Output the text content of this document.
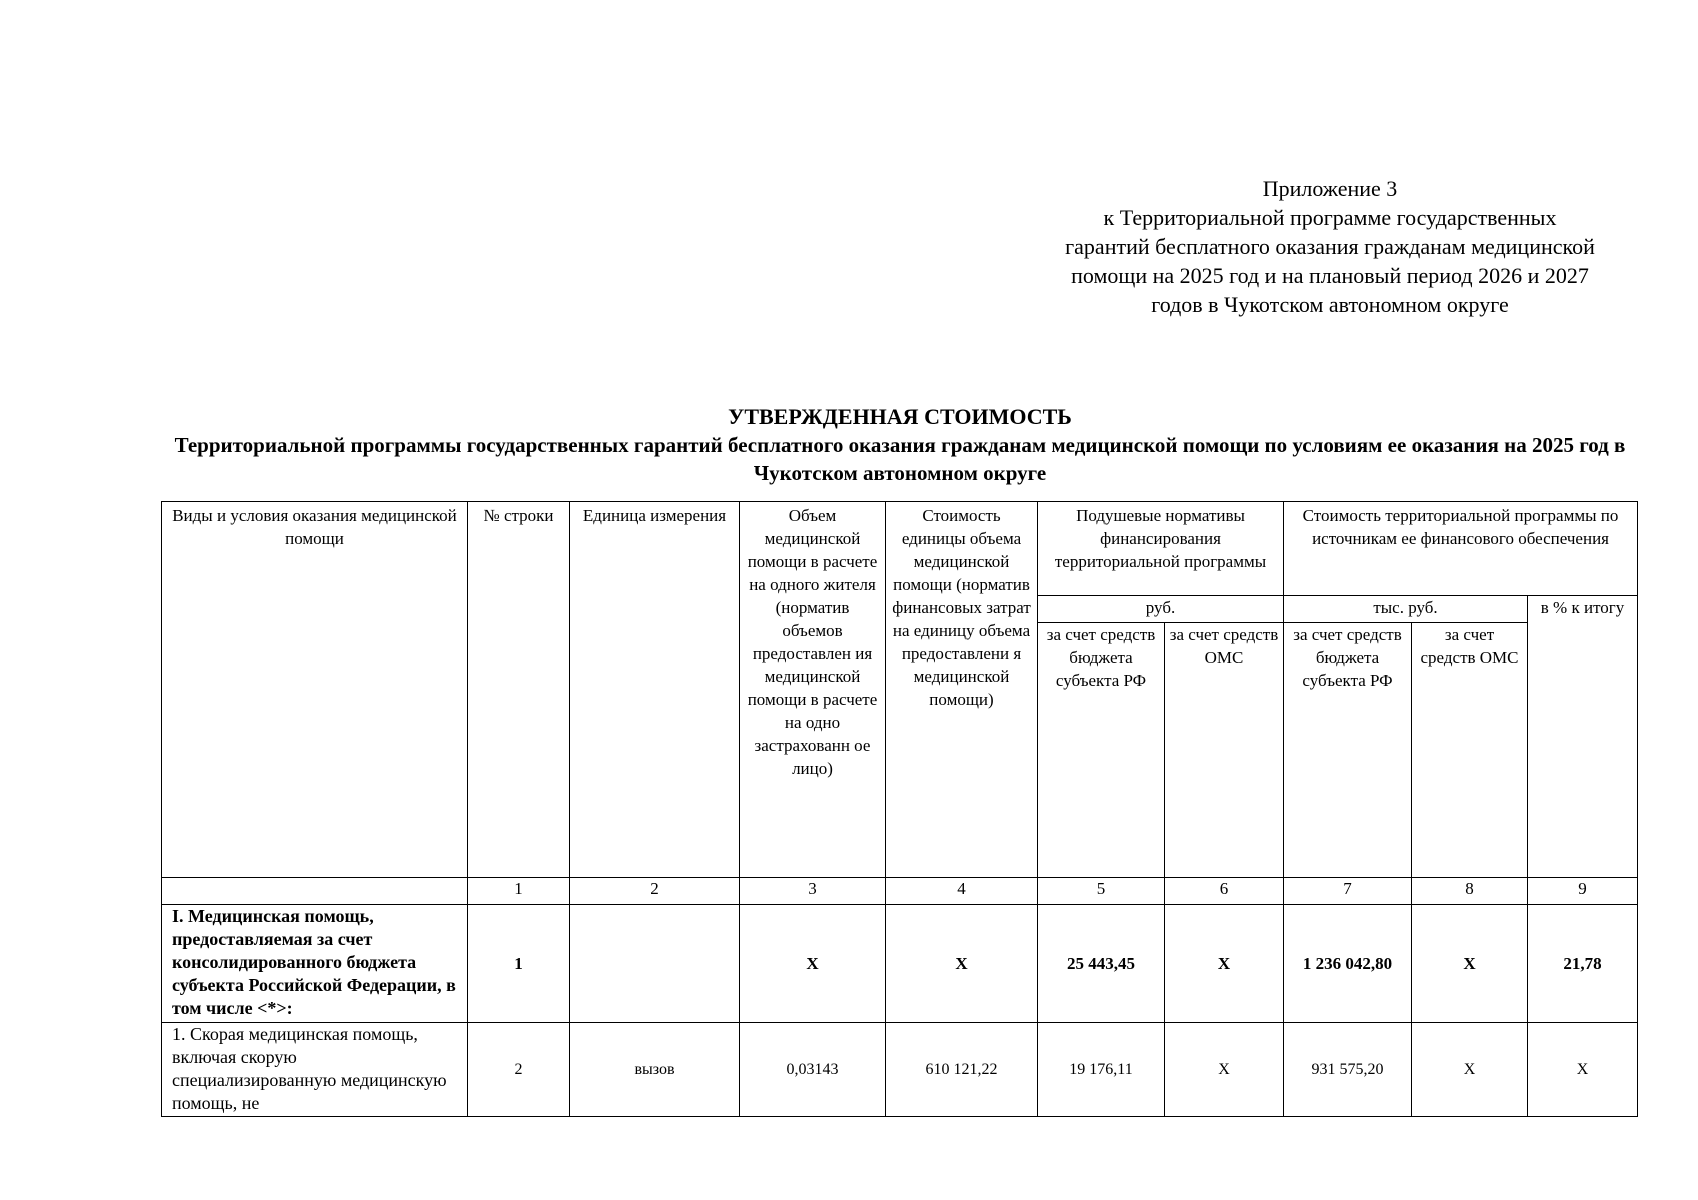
Приложение 3
к Территориальной программе государственных
гарантий бесплатного оказания гражданам медицинской
помощи на 2025 год и на плановый период 2026 и 2027
годов в Чукотском автономном округе
УТВЕРЖДЕННАЯ СТОИМОСТЬ
Территориальной программы государственных гарантий бесплатного оказания гражданам медицинской помощи по условиям ее оказания на 2025 год в Чукотском автономном округе
Виды и условия оказания медицинской помощи	№ строки	Единица измерения	Объем медицинской помощи в расчете на одного жителя (норматив объемов предоставлен ия медицинской помощи в расчете на одно застрахованн ое лицо)	Стоимость единицы объема медицинской помощи (норматив финансовых затрат на единицу объема предоставлени я медицинской помощи)	Подушевые нормативы финансирования территориальной программы		Стоимость территориальной программы по источникам ее финансового обеспечения		
					руб.		тыс. руб.		в % к итогу
					за счет средств бюджета субъекта РФ	за счет средств ОМС	за счет средств бюджета субъекта РФ	за счет средств ОМС	
	1	2	3	4	5	6	7	8	9
I. Медицинская помощь, предоставляемая за счет консолидированного бюджета субъекта Российской Федерации, в том числе <*>:	1		X	X	25 443,45	X	1 236 042,80	X	21,78
1. Скорая медицинская помощь, включая скорую специализированную медицинскую помощь, не	2	вызов	0,03143	610 121,22	19 176,11	X	931 575,20	X	X
